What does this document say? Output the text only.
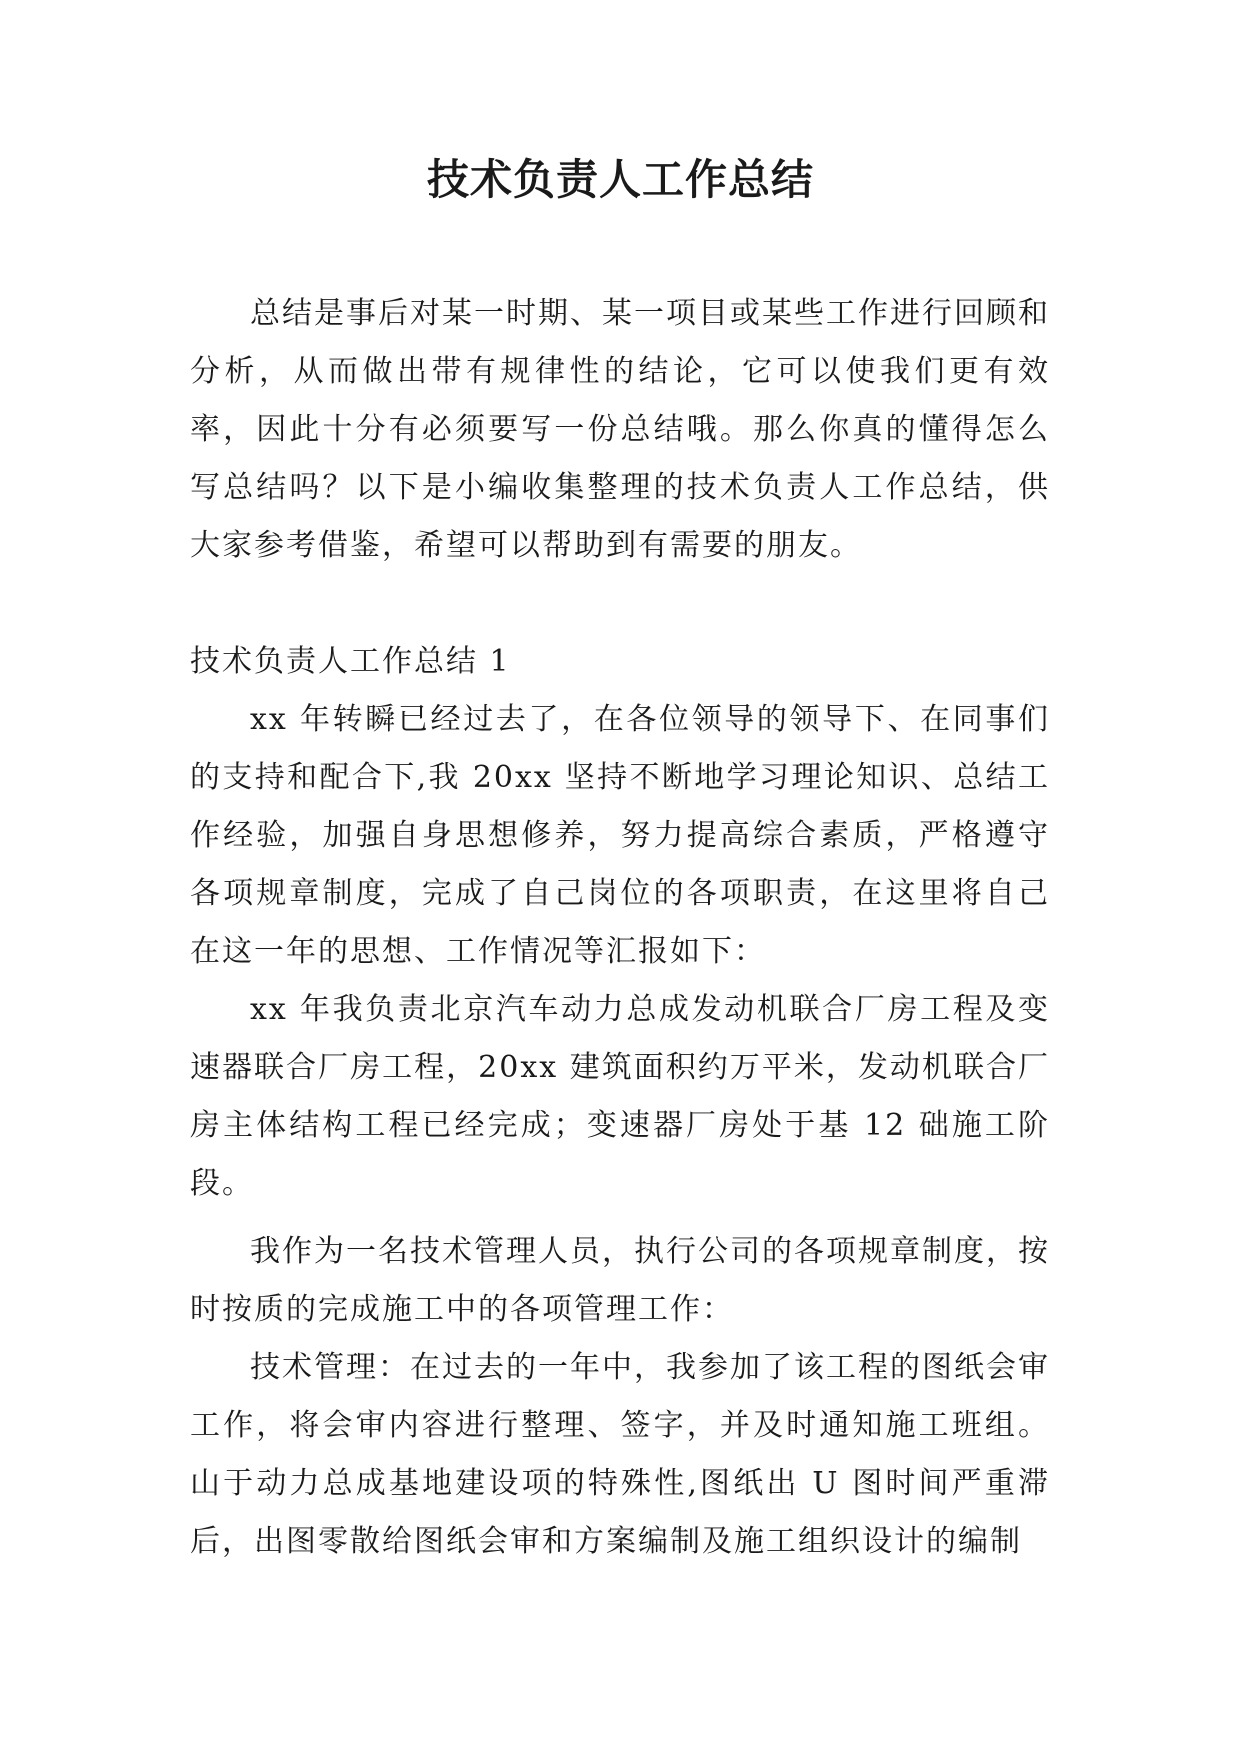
技术负责人工作总结

总结是事后对某一时期、某一项目或某些工作进行回顾和分析，从而做出带有规律性的结论，它可以使我们更有效率，因此十分有必须要写一份总结哦。那么你真的懂得怎么写总结吗？以下是小编收集整理的技术负责人工作总结，供大家参考借鉴，希望可以帮助到有需要的朋友。

技术负责人工作总结 1

xx 年转瞬已经过去了，在各位领导的领导下、在同事们的支持和配合下,我 20xx 坚持不断地学习理论知识、总结工作经验，加强自身思想修养，努力提高综合素质，严格遵守各项规章制度，完成了自己岗位的各项职责，在这里将自己在这一年的思想、工作情况等汇报如下：

xx 年我负责北京汽车动力总成发动机联合厂房工程及变速器联合厂房工程，20xx 建筑面积约万平米，发动机联合厂房主体结构工程已经完成；变速器厂房处于基 12 础施工阶段。

我作为一名技术管理人员，执行公司的各项规章制度，按时按质的完成施工中的各项管理工作：

技术管理：在过去的一年中，我参加了该工程的图纸会审工作，将会审内容进行整理、签字，并及时通知施工班组。山于动力总成基地建设项的特殊性,图纸出 U 图时间严重滞后，出图零散给图纸会审和方案编制及施工组织设计的编制
